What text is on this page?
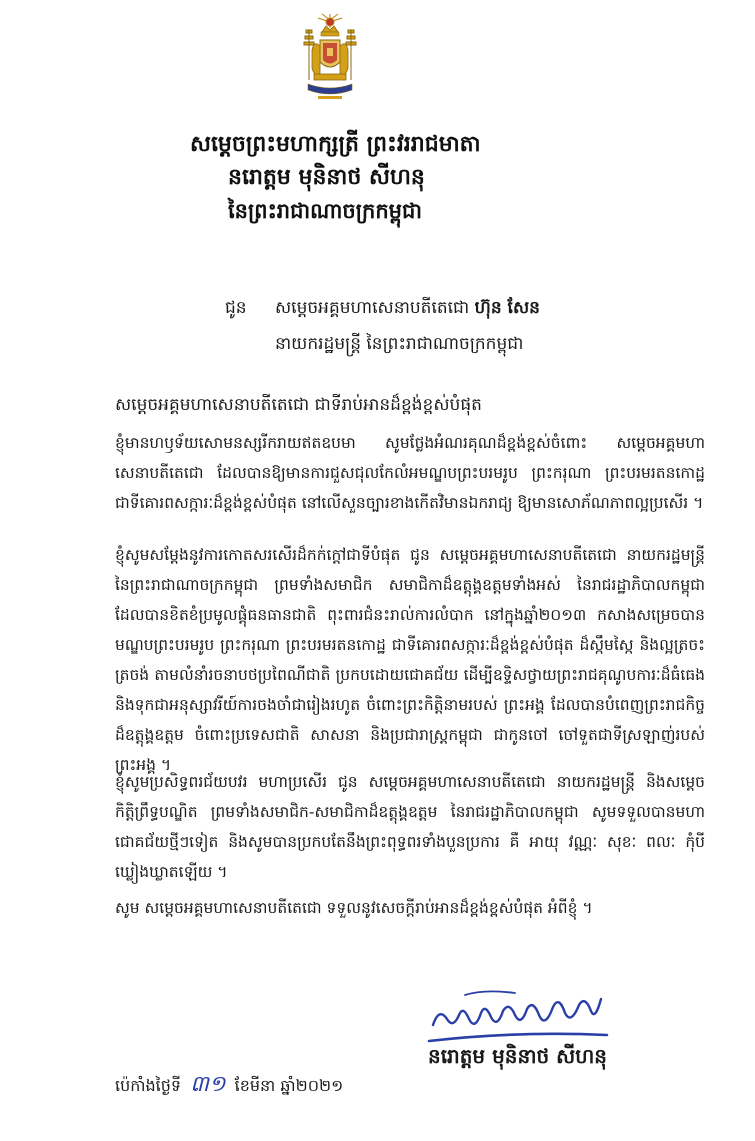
សម្ដេចព្រះមហាក្សត្រី ព្រះវររាជមាតា
នរោត្ដម មុនិនាថ សីហនុ
នៃព្រះរាជាណាចក្រកម្ពុជា
ជូន សម្ដេចអគ្គមហាសេនាបតីតេជោ ហ៊ុន សែន
នាយករដ្ឋមន្ត្រី នៃព្រះរាជាណាចក្រកម្ពុជា
សម្ដេចអគ្គមហាសេនាបតីតេជោ ជាទីរាប់អានដ៏ខ្ពង់ខ្ពស់បំផុត
ខ្ញុំមានហឫទ័យសោមនស្សរីករាយឥតឧបមា សូមថ្លែងអំណរគុណដ៏ខ្ពង់ខ្ពស់ចំពោះ សម្ដេចអគ្គមហាសេនាបតីតេជោ ដែលបានឱ្យមានការជួសជុលកែលំអមណ្ឌបព្រះបរមរូប ព្រះករុណា ព្រះបរមរតនកោដ្ឋ ជាទីគោរពសក្ការៈដ៏ខ្ពង់ខ្ពស់បំផុត នៅលើសួនច្បារខាងកើតវិមានឯករាជ្យ ឱ្យមានសោភ័ណភាពល្អប្រសើរ ។
ខ្ញុំសូមសម្ដែងនូវការកោតសរសើរដ៏កក់ក្ដៅជាទីបំផុត ជូន សម្ដេចអគ្គមហាសេនាបតីតេជោ នាយករដ្ឋមន្ត្រី នៃព្រះរាជាណាចក្រកម្ពុជា ព្រមទាំងសមាជិក សមាជិកាដ៏ឧត្ដុង្គឧត្ដមទាំងអស់ នៃរាជរដ្ឋាភិបាលកម្ពុជា ដែលបានខិតខំប្រមូលផ្ដុំធនធានជាតិ ពុះពារជំនះរាល់ការលំបាក នៅក្នុងឆ្នាំ២០១៣ កសាងសម្រេចបាន មណ្ឌបព្រះបរមរូប ព្រះករុណា ព្រះបរមរតនកោដ្ឋ ជាទីគោរពសក្ការៈដ៏ខ្ពង់ខ្ពស់បំផុត ដ៏ស្កឹមស្កៃ និងល្អត្រចះត្រចង់ តាមលំនាំរចនាបថប្រពៃណីជាតិ ប្រកបដោយជោគជ័យ ដើម្បីឧទ្ទិសថ្វាយព្រះរាជគុណូបការៈដ៏ធំធេង និងទុកជាអនុស្សាវរីយ៍ការចងចាំជារៀងរហូត ចំពោះព្រះកិត្តិនាមរបស់ ព្រះអង្គ ដែលបានបំពេញព្រះរាជកិច្ចដ៏ឧត្ដុង្គឧត្ដម ចំពោះប្រទេសជាតិ សាសនា និងប្រជារាស្ត្រកម្ពុជា ជាកូនចៅ ចៅទួតជាទីស្រឡាញ់របស់ព្រះអង្គ ។
ខ្ញុំសូមប្រសិទ្ធពរជ័យបវរ មហាប្រសើរ ជូន សម្ដេចអគ្គមហាសេនាបតីតេជោ នាយករដ្ឋមន្ត្រី និងសម្ដេចកិត្តិព្រឹទ្ធបណ្ឌិត ព្រមទាំងសមាជិក-សមាជិកាដ៏ឧត្ដុង្គឧត្ដម នៃរាជរដ្ឋាភិបាលកម្ពុជា សូមទទួលបានមហាជោគជ័យថ្មីៗទៀត និងសូមបានប្រកបតែនឹងព្រះពុទ្ធពរទាំងបួនប្រការ គឺ អាយុ វណ្ណៈ សុខៈ ពលៈ កុំបីឃ្លៀងឃ្លាតឡើយ ។
សូម សម្ដេចអគ្គមហាសេនាបតីតេជោ ទទួលនូវសេចក្ដីរាប់អានដ៏ខ្ពង់ខ្ពស់បំផុត អំពីខ្ញុំ ។
នរោត្ដម មុនិនាថ សីហនុ
ប៉េកាំងថ្ងៃទី ៣១ ខែមីនា ឆ្នាំ២០២១
